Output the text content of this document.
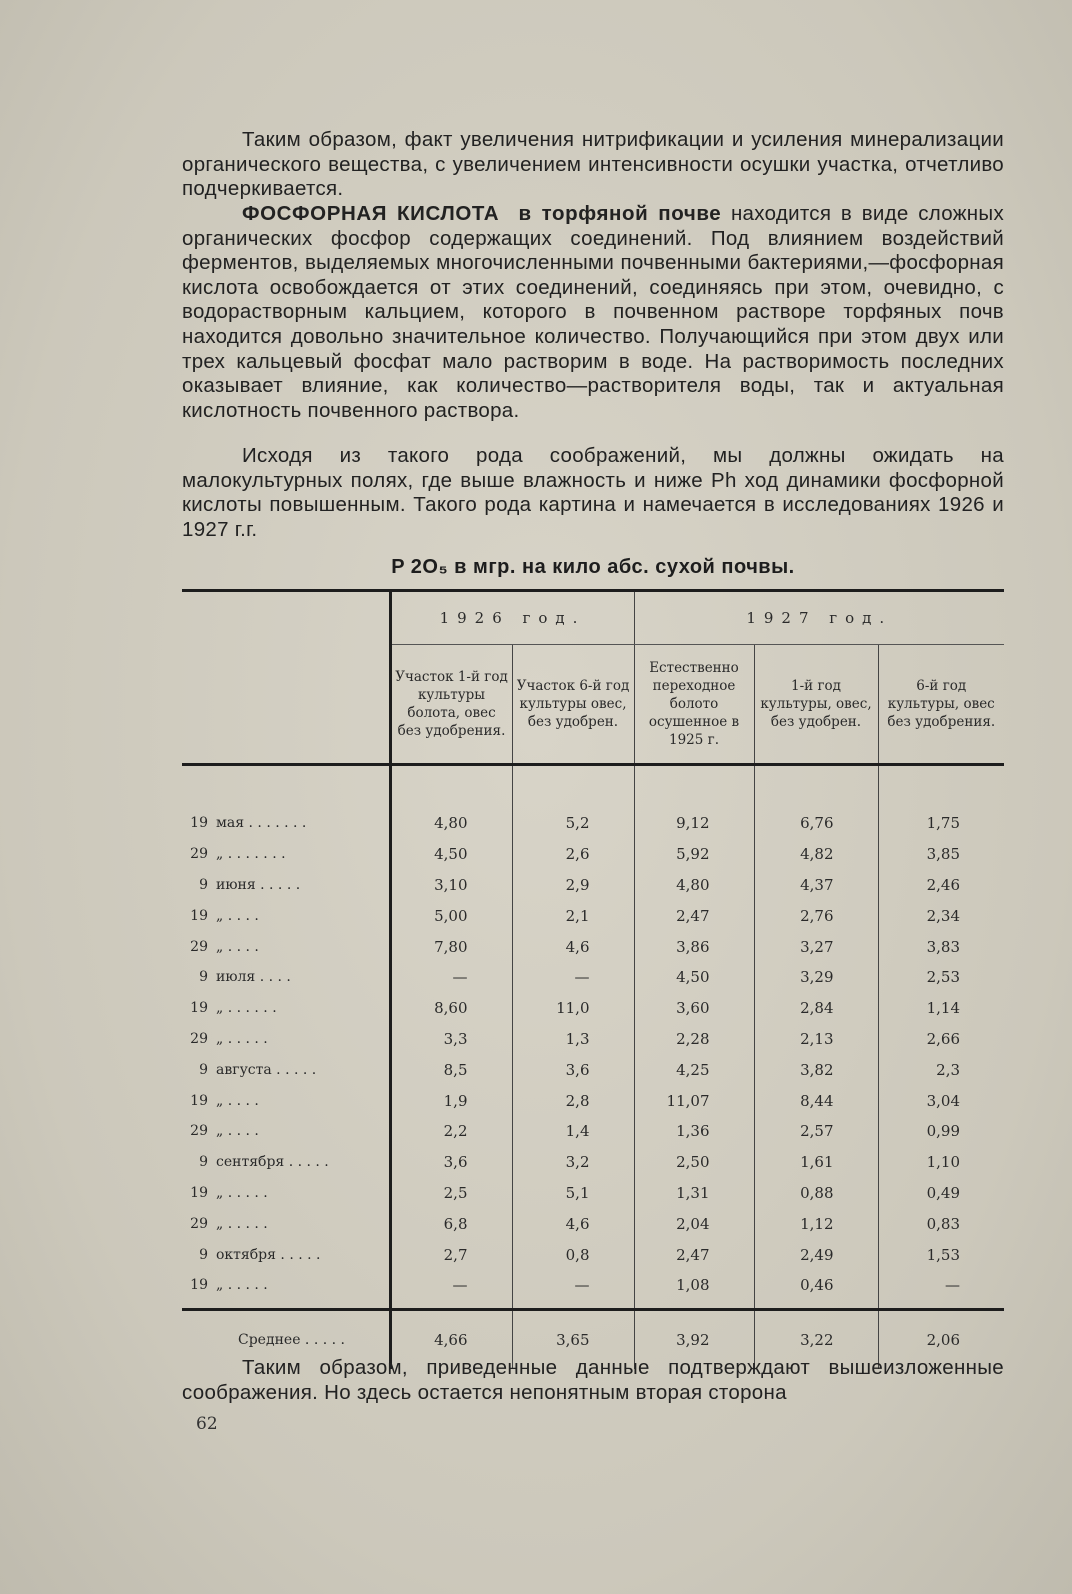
Таким образом, факт увеличения нитрификации и усиления минерализации органического вещества, с увеличением интенсивности осушки участка, отчетливо подчеркивается.

ФОСФОРНАЯ КИСЛОТА в торфяной почве находится в виде сложных органических фосфор содержащих соединений. Под влиянием воздействий ферментов, выделяемых многочисленными почвенными бактериями,—фосфорная кислота освобождается от этих соединений, соединяясь при этом, очевидно, с водорастворным кальцием, которого в почвенном растворе торфяных почв находится довольно значительное количество. Получающийся при этом двух или трех кальцевый фосфат мало растворим в воде. На растворимость последних оказывает влияние, как количество—растворителя воды, так и актуальная кислотность почвенного раствора.

Исходя из такого рода соображений, мы должны ожидать на малокультурных полях, где выше влажность и ниже Ph ход динамики фосфорной кислоты повышенным. Такого рода картина и намечается в исследованиях 1926 и 1927 г.г.

P 2O₅ в мгр. на кило абс. сухой почвы.
	1926 год.		1927 год.		
	Участок 1-й год культуры болота, овес без удобрения.	Участок 6-й год культуры овес, без удобрен.	Естественно переходное болото осушенное в 1925 г.	1-й год культуры, овес, без удобрен.	6-й год культуры, овес без удобрения.

19 мая . . . . . . .	4,80	5,2	9,12	6,76	1,75
29 „ . . . . . . .	4,50	2,6	5,92	4,82	3,85
9 июня . . . . .	3,10	2,9	4,80	4,37	2,46
19 „ . . . .	5,00	2,1	2,47	2,76	2,34
29 „ . . . .	7,80	4,6	3,86	3,27	3,83
9 июля . . . .	—	—	4,50	3,29	2,53
19 „ . . . . . .	8,60	11,0	3,60	2,84	1,14
29 „ . . . . .	3,3	1,3	2,28	2,13	2,66
9 августа . . . . .	8,5	3,6	4,25	3,82	2,3
19 „ . . . .	1,9	2,8	11,07	8,44	3,04
29 „ . . . .	2,2	1,4	1,36	2,57	0,99
9 сентября . . . . .	3,6	3,2	2,50	1,61	1,10
19 „ . . . . .	2,5	5,1	1,31	0,88	0,49
29 „ . . . . .	6,8	4,6	2,04	1,12	0,83
9 октября . . . . .	2,7	0,8	2,47	2,49	1,53
19 „ . . . . .	—	—	1,08	0,46	—
Среднее . . . . .	4,66	3,65	3,92	3,22	2,06

Таким образом, приведенные данные подтверждают вышеизложенные соображения. Но здесь остается непонятным вторая сторона

62
